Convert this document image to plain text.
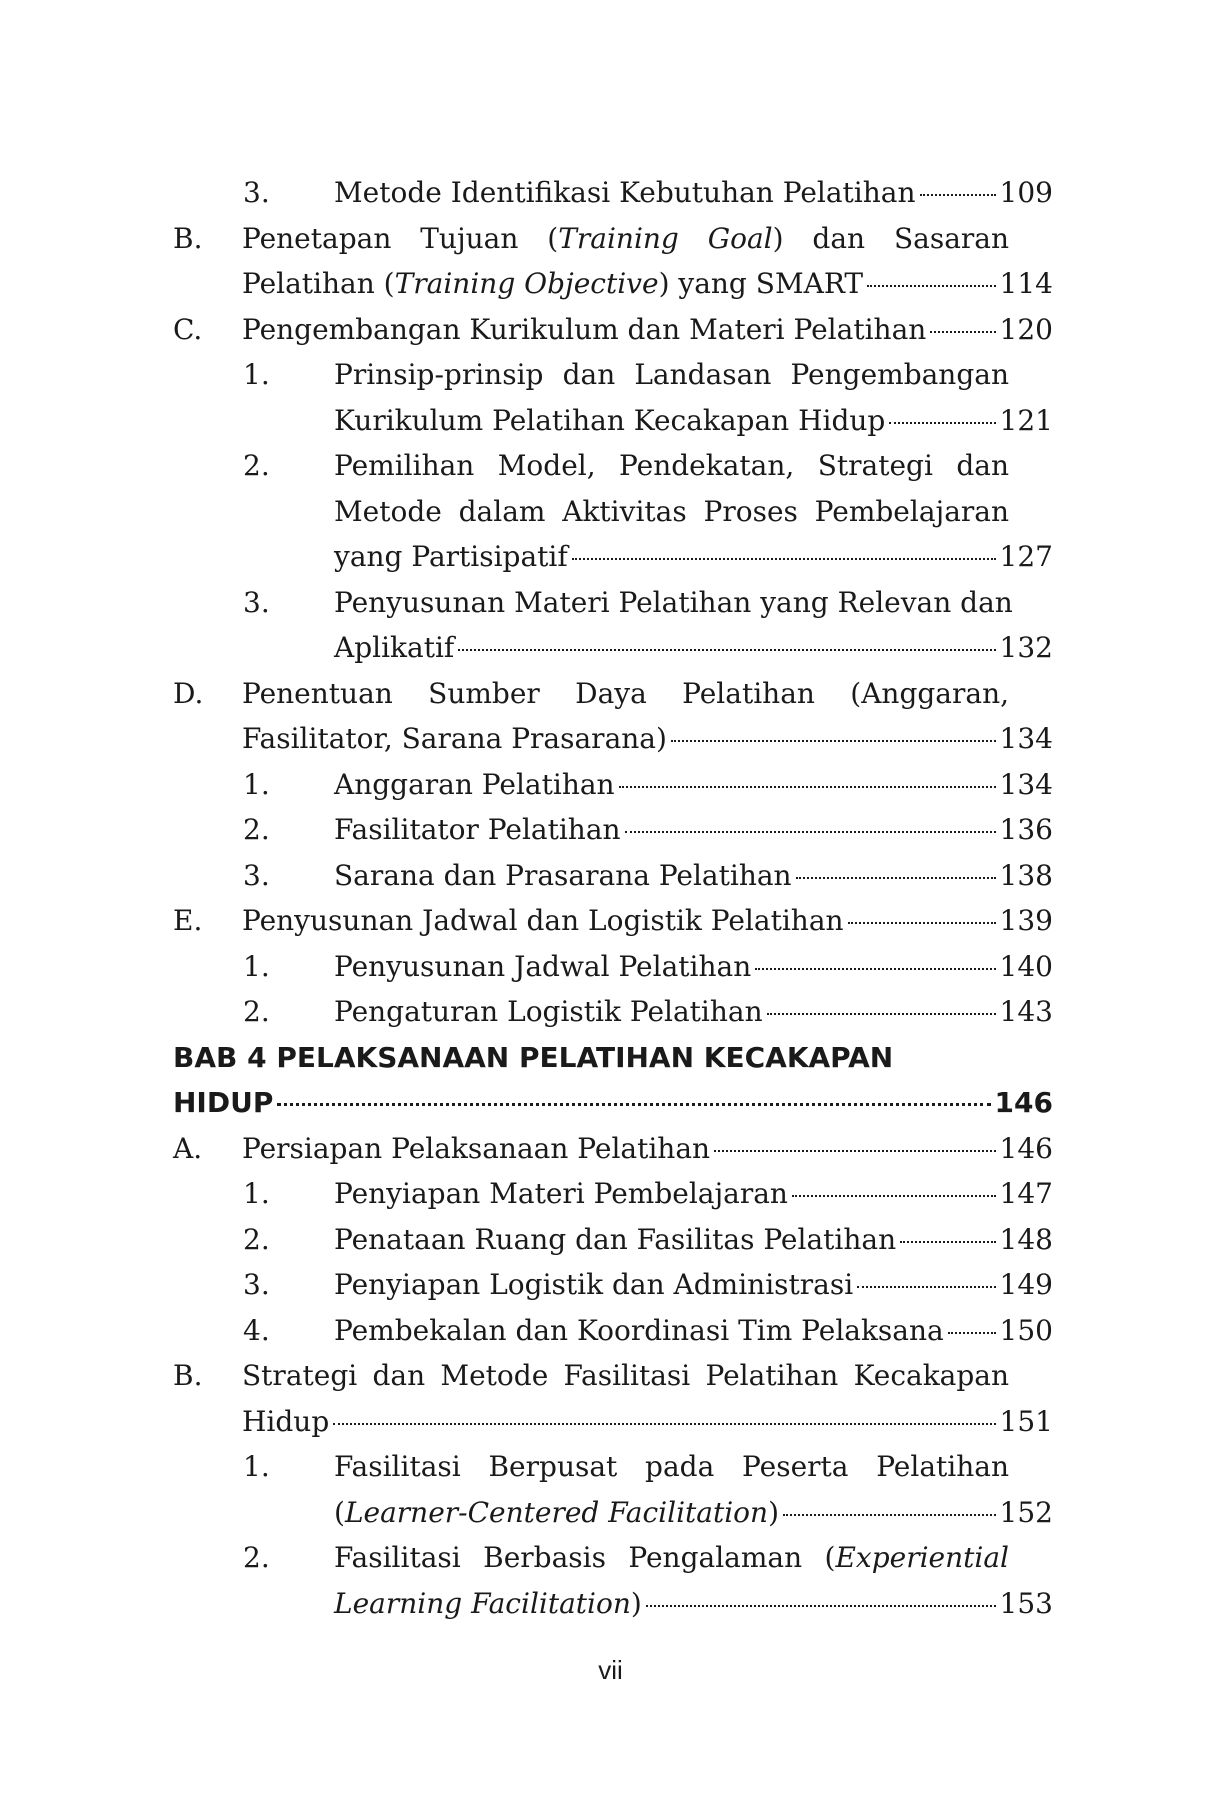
3. Metode Identifikasi Kebutuhan Pelatihan	109
B. Penetapan Tujuan (Training Goal) dan Sasaran
Pelatihan (Training Objective) yang SMART	114
C. Pengembangan Kurikulum dan Materi Pelatihan	120
1. Prinsip-prinsip dan Landasan Pengembangan
Kurikulum Pelatihan Kecakapan Hidup	121
2. Pemilihan Model, Pendekatan, Strategi dan
Metode dalam Aktivitas Proses Pembelajaran
yang Partisipatif	127
3. Penyusunan Materi Pelatihan yang Relevan dan
Aplikatif	132
D. Penentuan Sumber Daya Pelatihan (Anggaran,
Fasilitator, Sarana Prasarana)	134
1. Anggaran Pelatihan	134
2. Fasilitator Pelatihan	136
3. Sarana dan Prasarana Pelatihan	138
E. Penyusunan Jadwal dan Logistik Pelatihan	139
1. Penyusunan Jadwal Pelatihan	140
2. Pengaturan Logistik Pelatihan	143
BAB 4 PELAKSANAAN PELATIHAN KECAKAPAN
HIDUP	146
A. Persiapan Pelaksanaan Pelatihan	146
1. Penyiapan Materi Pembelajaran	147
2. Penataan Ruang dan Fasilitas Pelatihan	148
3. Penyiapan Logistik dan Administrasi	149
4. Pembekalan dan Koordinasi Tim Pelaksana 150
B. Strategi dan Metode Fasilitasi Pelatihan Kecakapan
Hidup	151
1. Fasilitasi Berpusat pada Peserta Pelatihan
(Learner-Centered Facilitation)	152
2. Fasilitasi Berbasis Pengalaman (Experiential
Learning Facilitation)	153
vii
